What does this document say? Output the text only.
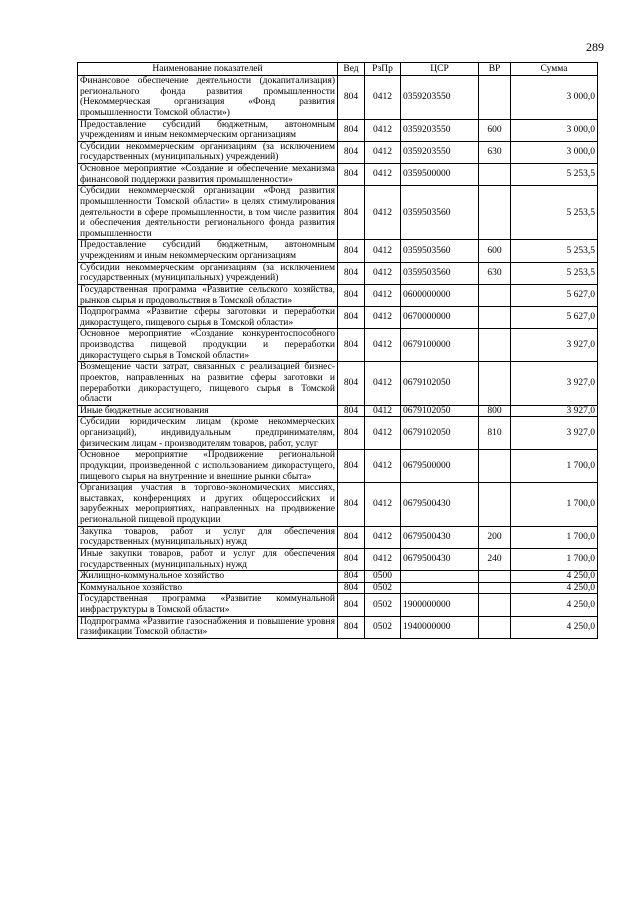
289
Наименование показателей	Вед	РзПр	ЦСР	ВР	Сумма
Финансовое обеспечение деятельности (докапитализация) регионального фонда развития промышленности (Некоммерческая организация «Фонд развития промышленности Томской области»)	804	0412	0359203550		3 000,0
Предоставление субсидий бюджетным, автономным учреждениям и иным некоммерческим организациям	804	0412	0359203550	600	3 000,0
Субсидии некоммерческим организациям (за исключением государственных (муниципальных) учреждений)	804	0412	0359203550	630	3 000,0
Основное мероприятие «Создание и обеспечение механизма финансовой поддержки развития промышленности»	804	0412	0359500000		5 253,5
Субсидии некоммерческой организации «Фонд развития промышленности Томской области» в целях стимулирования деятельности в сфере промышленности, в том числе развития и обеспечения деятельности регионального фонда развития промышленности	804	0412	0359503560		5 253,5
Предоставление субсидий бюджетным, автономным учреждениям и иным некоммерческим организациям	804	0412	0359503560	600	5 253,5
Субсидии некоммерческим организациям (за исключением государственных (муниципальных) учреждений)	804	0412	0359503560	630	5 253,5
Государственная программа «Развитие сельского хозяйства, рынков сырья и продовольствия в Томской области»	804	0412	0600000000		5 627,0
Подпрограмма «Развитие сферы заготовки и переработки дикорастущего, пищевого сырья в Томской области»	804	0412	0670000000		5 627,0
Основное мероприятие «Создание конкурентоспособного производства пищевой продукции и переработки дикорастущего сырья в Томской области»	804	0412	0679100000		3 927,0
Возмещение части затрат, связанных с реализацией бизнес-проектов, направленных на развитие сферы заготовки и переработки дикорастущего, пищевого сырья в Томской области	804	0412	0679102050		3 927,0
Иные бюджетные ассигнования	804	0412	0679102050	800	3 927,0
Субсидии юридическим лицам (кроме некоммерческих организаций), индивидуальным предпринимателям, физическим лицам - производителям товаров, работ, услуг	804	0412	0679102050	810	3 927,0
Основное мероприятие «Продвижение региональной продукции, произведенной с использованием дикорастущего, пищевого сырья на внутренние и внешние рынки сбыта»	804	0412	0679500000		1 700,0
Организация участия в торгово-экономических миссиях, выставках, конференциях и других общероссийских и зарубежных мероприятиях, направленных на продвижение региональной пищевой продукции	804	0412	0679500430		1 700,0
Закупка товаров, работ и услуг для обеспечения государственных (муниципальных) нужд	804	0412	0679500430	200	1 700,0
Иные закупки товаров, работ и услуг для обеспечения государственных (муниципальных) нужд	804	0412	0679500430	240	1 700,0
Жилищно-коммунальное хозяйство	804	0500			4 250,0
Коммунальное хозяйство	804	0502			4 250,0
Государственная программа «Развитие коммунальной инфраструктуры в Томской области»	804	0502	1900000000		4 250,0
Подпрограмма «Развитие газоснабжения и повышение уровня газификации Томской области»	804	0502	1940000000		4 250,0
